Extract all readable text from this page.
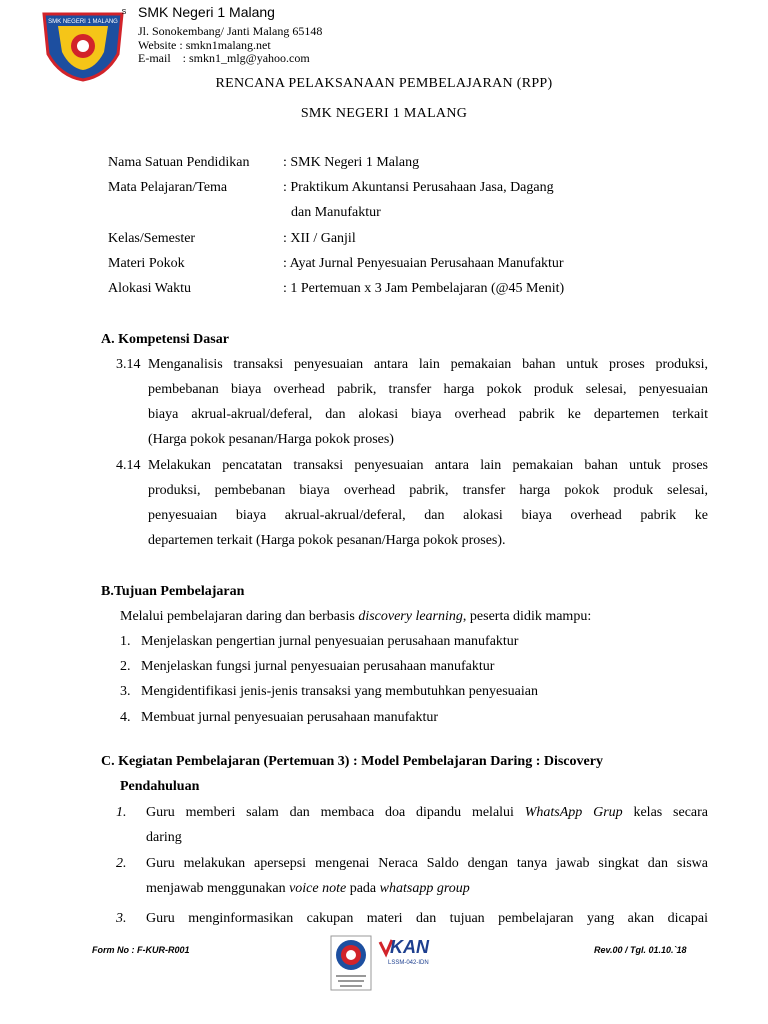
SMK NEGERI 1 MALANG
S SMK Negeri 1 Malang
Jl. Sonokembang/ Janti Malang 65148
Website : smkn1malang.net
E-mail    : smkn1_mlg@yahoo.com
RENCANA PELAKSANAAN PEMBELAJARAN (RPP)
SMK NEGERI 1 MALANG
Nama Satuan Pendidikan : SMK Negeri 1 Malang
Mata Pelajaran/Tema	: Praktikum Akuntansi Perusahaan Jasa, Dagang
dan Manufaktur
Kelas/Semester	: XII / Ganjil
Materi Pokok	: Ayat Jurnal Penyesuaian Perusahaan Manufaktur
Alokasi Waktu	: 1 Pertemuan x 3 Jam Pembelajaran (@45 Menit)
A. Kompetensi Dasar
3.14 Menganalisis transaksi penyesuaian antara lain pemakaian bahan untuk proses produksi,
pembebanan biaya overhead pabrik, transfer harga pokok produk selesai, penyesuaian
biaya akrual-akrual/deferal, dan alokasi biaya overhead pabrik ke departemen terkait
(Harga pokok pesanan/Harga pokok proses)
4.14 Melakukan pencatatan transaksi penyesuaian antara lain pemakaian bahan untuk proses
produksi, pembebanan biaya overhead pabrik, transfer harga pokok produk selesai,
penyesuaian biaya akrual-akrual/deferal, dan alokasi biaya overhead pabrik ke
departemen terkait (Harga pokok pesanan/Harga pokok proses).
B.Tujuan Pembelajaran
Melalui pembelajaran daring dan berbasis discovery learning, peserta didik mampu:
1. Menjelaskan pengertian jurnal penyesuaian perusahaan manufaktur
2. Menjelaskan fungsi jurnal penyesuaian perusahaan manufaktur
3. Mengidentifikasi jenis-jenis transaksi yang membutuhkan penyesuaian
4. Membuat jurnal penyesuaian perusahaan manufaktur
C. Kegiatan Pembelajaran (Pertemuan 3) : Model Pembelajaran Daring : Discovery
Pendahuluan
1. Guru memberi salam dan membaca doa dipandu melalui WhatsApp Grup kelas secara
daring
2. Guru melakukan apersepsi mengenai Neraca Saldo dengan tanya jawab singkat dan siswa
menjawab menggunakan voice note pada whatsapp group
3. Guru menginformasikan cakupan materi dan tujuan pembelajaran yang akan dicapai
Form No : F-KUR-R001	KAN
LSSM-042-IDN
Rev.00 / Tgl. 01.10.`18
